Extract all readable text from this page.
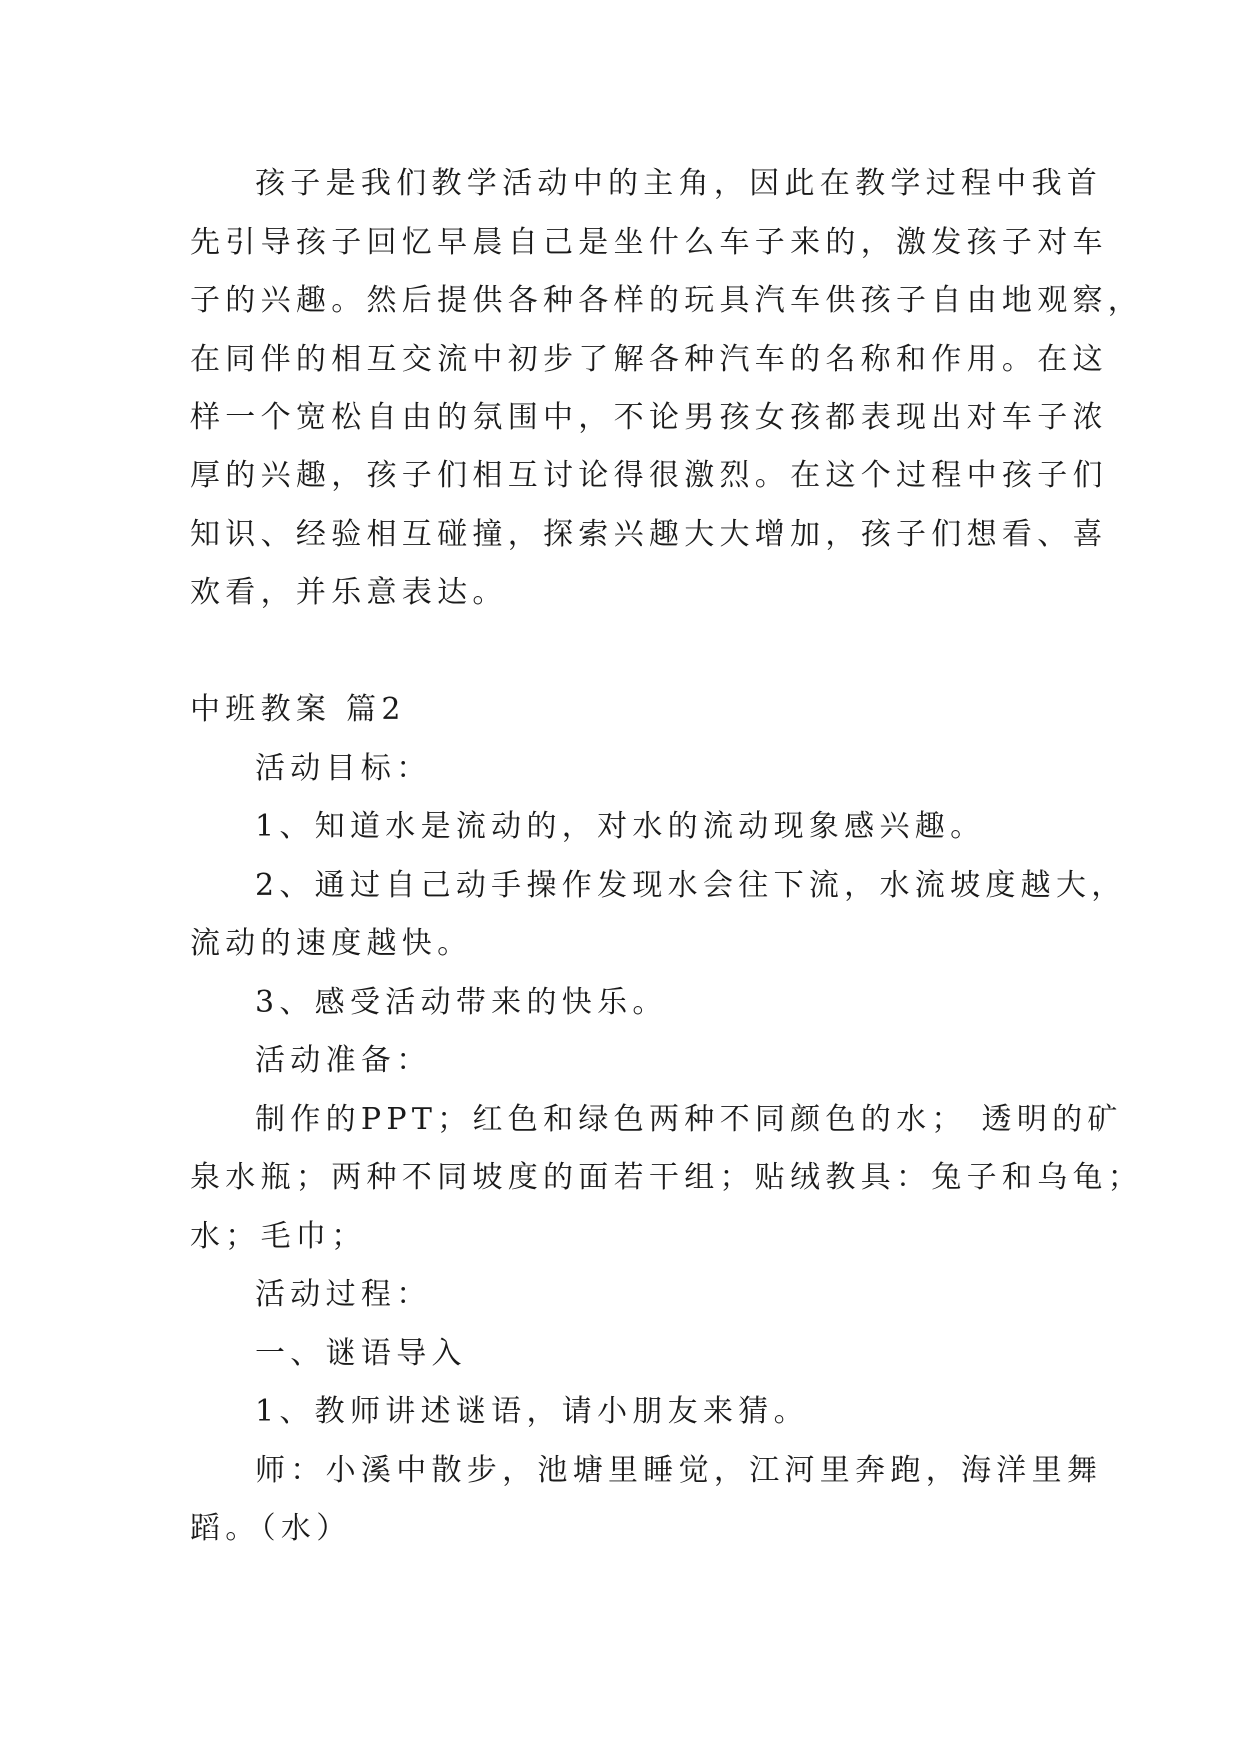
孩子是我们教学活动中的主角，因此在教学过程中我首

先引导孩子回忆早晨自己是坐什么车子来的，激发孩子对车

子的兴趣。然后提供各种各样的玩具汽车供孩子自由地观察，

在同伴的相互交流中初步了解各种汽车的名称和作用。在这

样一个宽松自由的氛围中，不论男孩女孩都表现出对车子浓

厚的兴趣，孩子们相互讨论得很激烈。在这个过程中孩子们

知识、经验相互碰撞，探索兴趣大大增加，孩子们想看、喜

欢看，并乐意表达。

中班教案 篇2

活动目标：

1、知道水是流动的，对水的流动现象感兴趣。

2、通过自己动手操作发现水会往下流，水流坡度越大，

流动的速度越快。

3、感受活动带来的快乐。

活动准备：

制作的PPT；红色和绿色两种不同颜色的水； 透明的矿

泉水瓶；两种不同坡度的面若干组；贴绒教具：兔子和乌龟；

水；毛巾；

活动过程：

一、谜语导入

1、教师讲述谜语，请小朋友来猜。

师：小溪中散步，池塘里睡觉，江河里奔跑，海洋里舞

蹈。（水）
